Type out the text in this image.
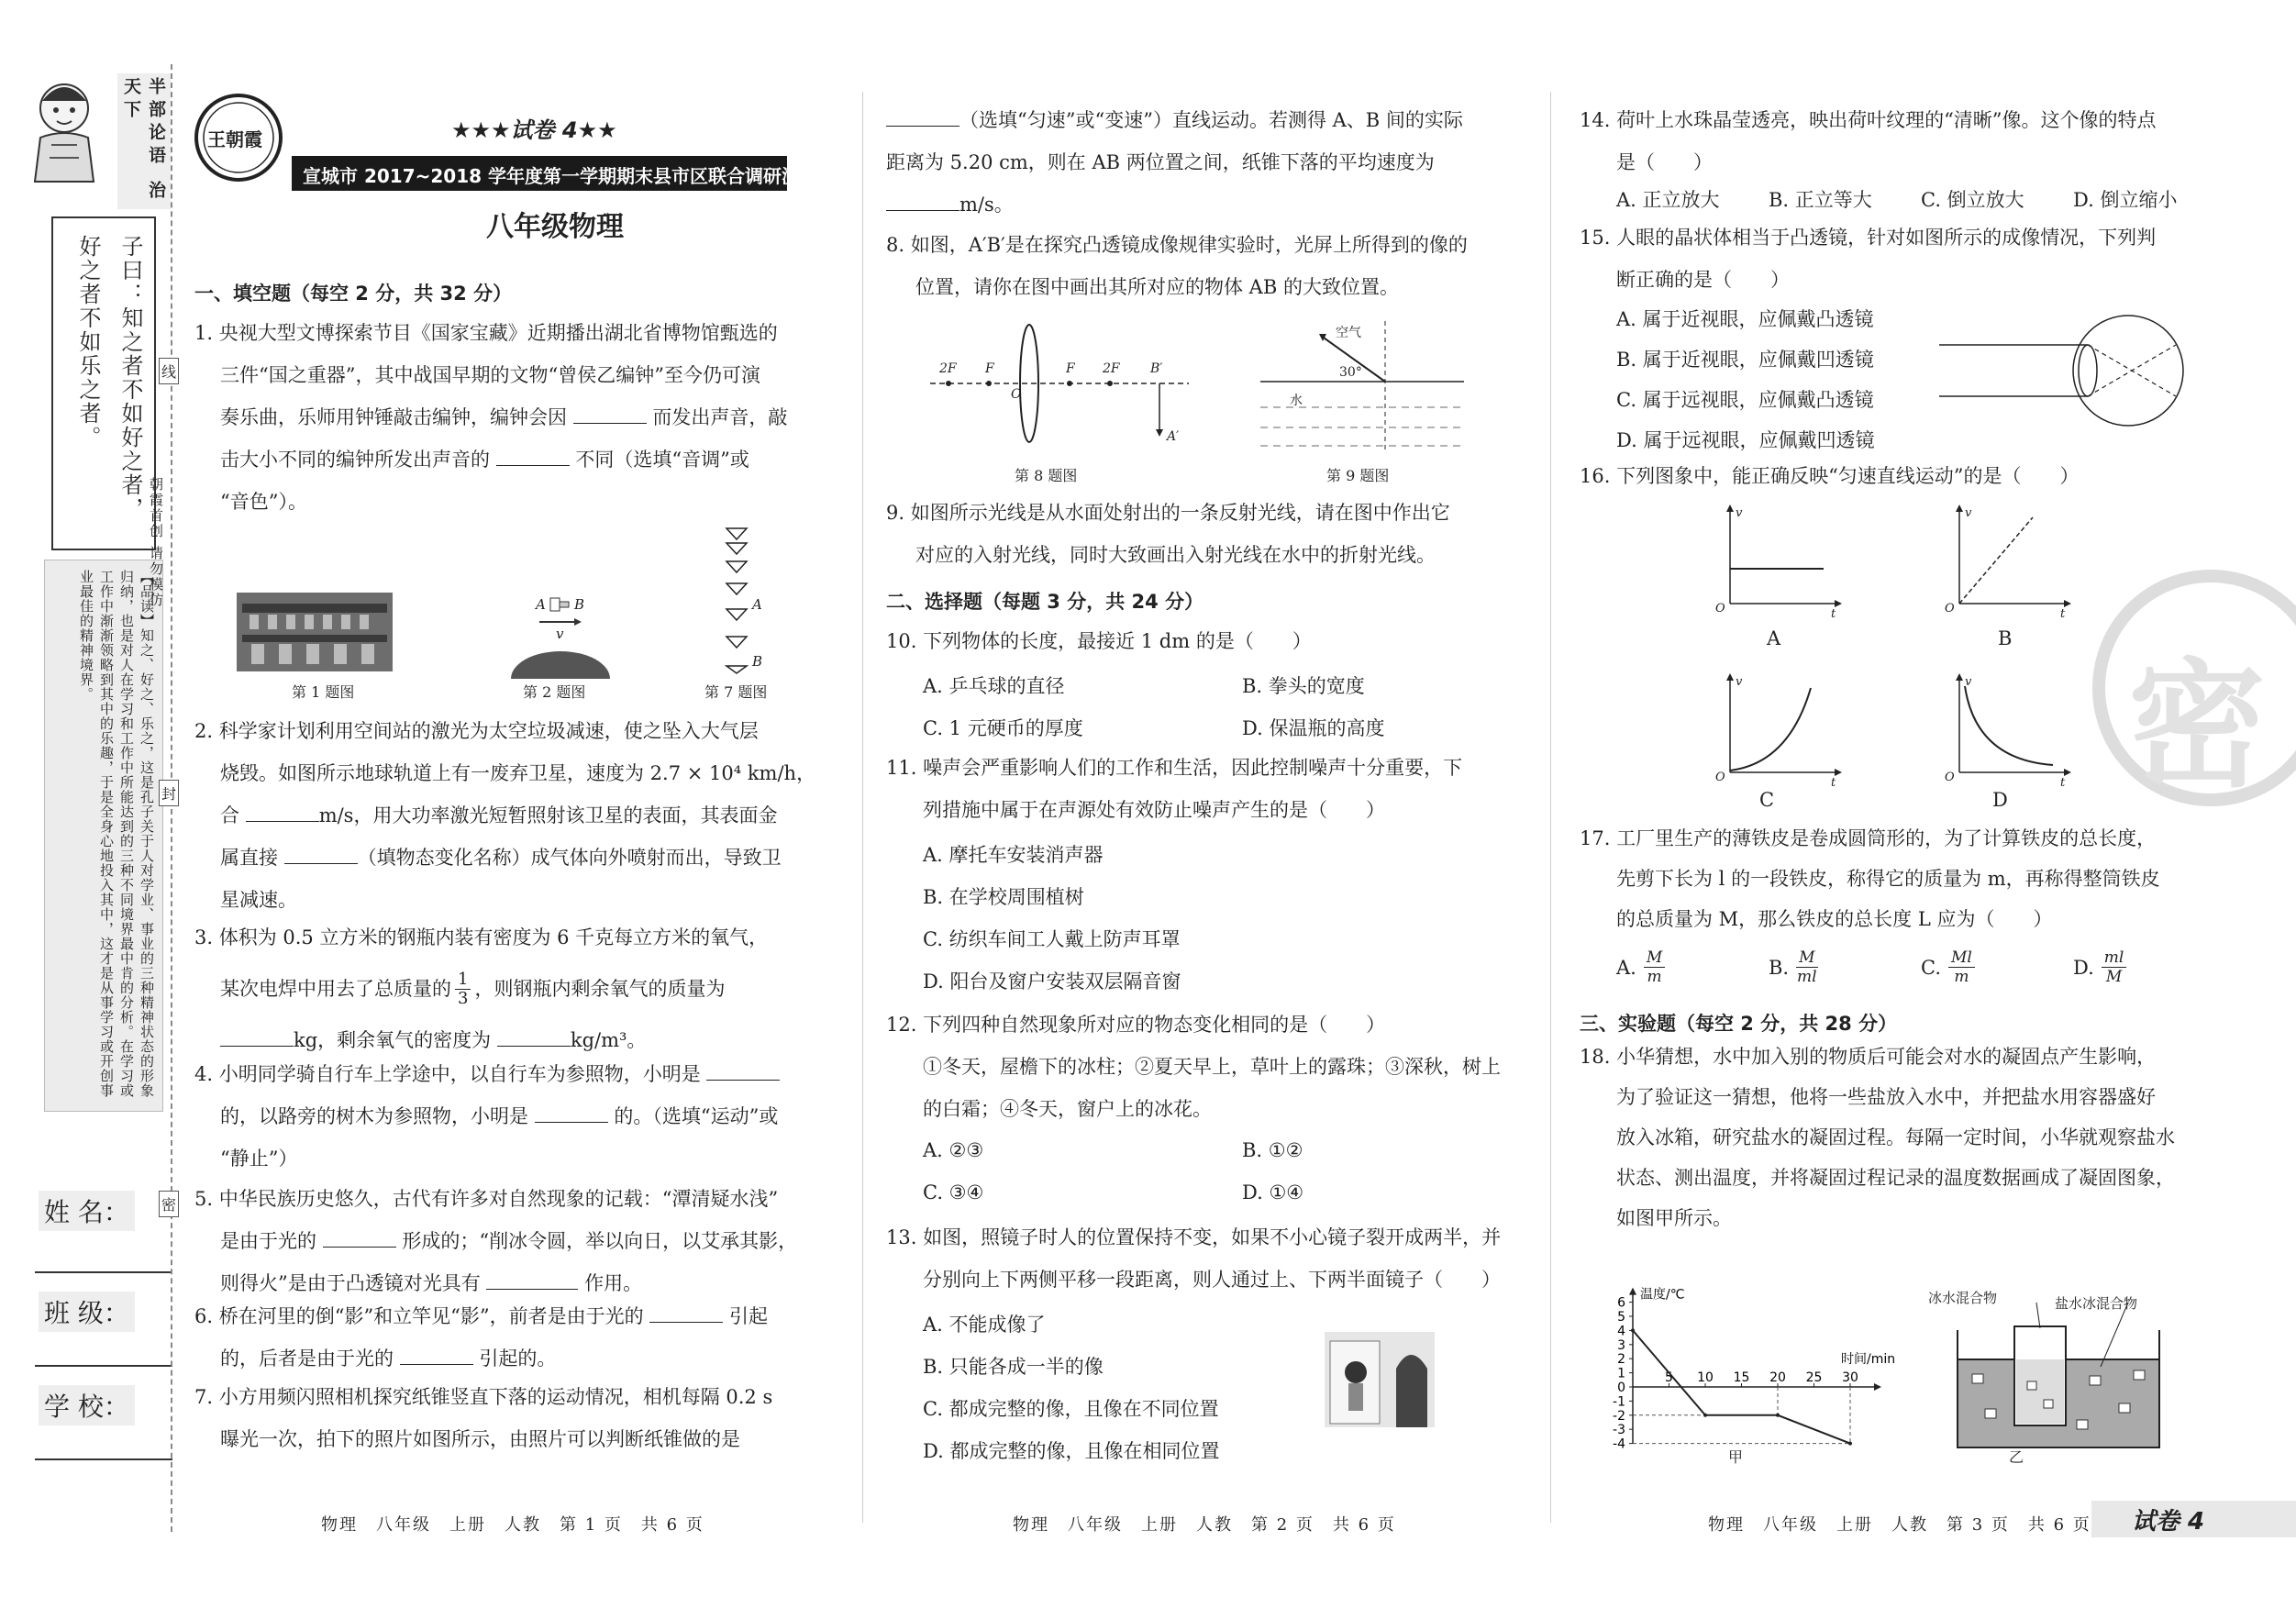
半部论语 治天下
子曰：知之者不如好之者，
好之者不如乐之者。
【品读】知之、好之、乐之，这是孔子关于人对学业、事业的三种精神状态的形象归纳，也是对人在学习和工作中所能达到的三种不同境界最中肯的分析。在学习或工作中渐渐领略到其中的乐趣，于是全身心地投入其中，这才是从事学习或开创事业最佳的精神境界。
姓 名：
班 级：
学 校：
线
封
密
朝霞首创 请勿模仿
王朝霞	★★★试卷 4★★
宣城市 2017~2018 学年度第一学期期末县市区联合调研测试试卷
八年级物理
一、填空题（每空 2 分，共 32 分）
1. 央视大型文博探索节目《国家宝藏》近期播出湖北省博物馆甄选的
三件“国之重器”，其中战国早期的文物“曾侯乙编钟”至今仍可演
奏乐曲，乐师用钟锤敲击编钟，编钟会因	而发出声音，敲
击大小不同的编钟所发出声音的	不同（选填“音调”或
“音色”）。
A B
v
A
B
第 1 题图	第 2 题图	第 7 题图
2. 科学家计划利用空间站的激光为太空垃圾减速，使之坠入大气层
烧毁。如图所示地球轨道上有一废弃卫星，速度为 2.7 × 10⁴ km/h，
合	m/s，用大功率激光短暂照射该卫星的表面，其表面金
属直接	（填物态变化名称）成气体向外喷射而出，导致卫
星减速。
3. 体积为 0.5 立方米的钢瓶内装有密度为 6 千克每立方米的氧气，
某次电焊中用去了总质量的 $\frac{1}{3}$ ，则钢瓶内剩余氧气的质量为
kg，剩余氧气的密度为	kg/m³。
4. 小明同学骑自行车上学途中，以自行车为参照物，小明是
的，以路旁的树木为参照物，小明是	的。（选填“运动”或
“静止”）
5. 中华民族历史悠久，古代有许多对自然现象的记载：“潭清疑水浅”
是由于光的	形成的；“削冰令圆，举以向日，以艾承其影，
则得火”是由于凸透镜对光具有	作用。
6. 桥在河里的倒“影”和立竿见“影”，前者是由于光的	引起
的，后者是由于光的	引起的。
7. 小方用频闪照相机探究纸锥竖直下落的运动情况，相机每隔 0.2 s
曝光一次，拍下的照片如图所示，由照片可以判断纸锥做的是
物理　八年级　上册　人教　第 1 页　共 6 页
（选填“匀速”或“变速”）直线运动。若测得 A、B 间的实际
距离为 5.20 cm，则在 AB 两位置之间，纸锥下落的平均速度为
m/s。
8. 如图，A′B′是在探究凸透镜成像规律实验时，光屏上所得到的像的
位置，请你在图中画出其所对应的物体 AB 的大致位置。
2F F
O
F 2F B′
A′
空气
30°
水
第 8 题图	第 9 题图
9. 如图所示光线是从水面处射出的一条反射光线，请在图中作出它
对应的入射光线，同时大致画出入射光线在水中的折射光线。
二、选择题（每题 3 分，共 24 分）
10. 下列物体的长度，最接近 1 dm 的是（　　）
A. 乒乓球的直径	B. 拳头的宽度
C. 1 元硬币的厚度	D. 保温瓶的高度
11. 噪声会严重影响人们的工作和生活，因此控制噪声十分重要，下
列措施中属于在声源处有效防止噪声产生的是（　　）
A. 摩托车安装消声器
B. 在学校周围植树
C. 纺织车间工人戴上防声耳罩
D. 阳台及窗户安装双层隔音窗
12. 下列四种自然现象所对应的物态变化相同的是（　　）
①冬天，屋檐下的冰柱；②夏天早上，草叶上的露珠；③深秋，树上
的白霜；④冬天，窗户上的冰花。
A. ②③	B. ①②
C. ③④	D. ①④
13. 如图，照镜子时人的位置保持不变，如果不小心镜子裂开成两半，并
分别向上下两侧平移一段距离，则人通过上、下两半面镜子（　　）
A. 不能成像了
B. 只能各成一半的像
C. 都成完整的像，且像在不同位置
D. 都成完整的像，且像在相同位置
物理　八年级　上册　人教　第 2 页　共 6 页
14. 荷叶上水珠晶莹透亮，映出荷叶纹理的“清晰”像。这个像的特点
是（　　）
A. 正立放大	B. 正立等大	C. 倒立放大	D. 倒立缩小
15. 人眼的晶状体相当于凸透镜，针对如图所示的成像情况，下列判
断正确的是（　　）
A. 属于近视眼，应佩戴凸透镜
B. 属于近视眼，应佩戴凹透镜
C. 属于远视眼，应佩戴凸透镜
D. 属于远视眼，应佩戴凹透镜
16. 下列图象中，能正确反映“匀速直线运动”的是（　　）
v
t
O
v
t
O
A	B
v
t
O
v
t
O
C	D 密
17. 工厂里生产的薄铁皮是卷成圆筒形的，为了计算铁皮的总长度，
先剪下长为 l 的一段铁皮，称得它的质量为 m，再称得整筒铁皮
的总质量为 M，那么铁皮的总长度 L 应为（　　）
A. $\frac{M}{m}$	B. $\frac{M}{ml}$	C. $\frac{Ml}{m}$	D. $\frac{ml}{M}$
三、实验题（每空 2 分，共 28 分）
18. 小华猜想，水中加入别的物质后可能会对水的凝固点产生影响，
为了验证这一猜想，他将一些盐放入水中，并把盐水用容器盛好
放入冰箱，研究盐水的凝固过程。每隔一定时间，小华就观察盐水
状态、测出温度，并将凝固过程记录的温度数据画成了凝固图象，
如图甲所示。
6
5
4
3
2
1
0
-1
-2
-3
-4
5 10 15 20 25 30
温度/℃
时间/min
甲
冰水混合物	盐水冰混合物
乙
物理　八年级　上册　人教　第 3 页　共 6 页 试卷 4
